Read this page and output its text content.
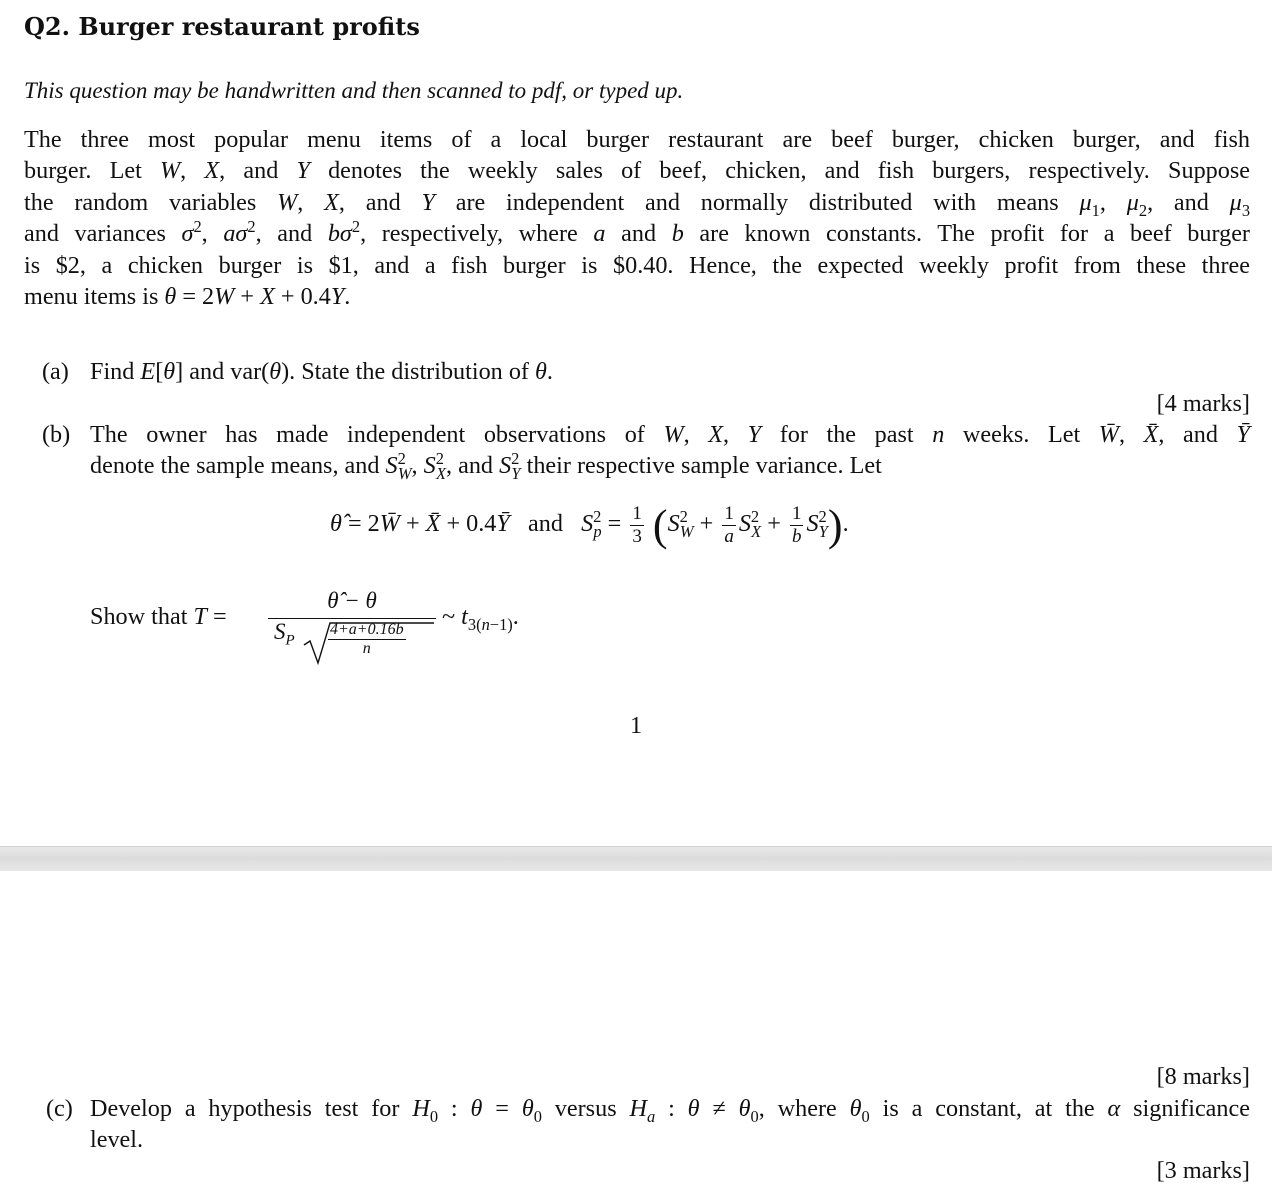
Q2. Burger restaurant profits
This question may be handwritten and then scanned to pdf, or typed up.
The three most popular menu items of a local burger restaurant are beef burger, chicken burger, and fish
burger. Let W, X, and Y denotes the weekly sales of beef, chicken, and fish burgers, respectively. Suppose
the random variables W, X, and Y are independent and normally distributed with means $\mu_1$, $\mu_2$, and $\mu_3$
and variances $\sigma^2$, $a\sigma^2$, and $b\sigma^2$, respectively, where a and b are known constants. The profit for a beef burger
is $2, a chicken burger is $1, and a fish burger is $0.40. Hence, the expected weekly profit from these three
menu items is θ = 2W + X + 0.4Y.
(a) Find E[θ] and var(θ). State the distribution of θ.
[4 marks]
(b) The owner has made independent observations of W, X, Y for the past n weeks. Let W̄, X̄, and Ȳ
denote the sample means, and $S^2_W$, $S^2_X$, and $S^2_Y$ their respective sample variance. Let
θ̂ = 2W̄ + X̄ + 0.4Ȳ and $S^2_p = \frac{1}{3} (S^2_W + \frac{1}{a} S^2_X + \frac{1}{b} S^2_Y)$.
Show that T =
θ̂ − θ
$S_P \frac{4+a+0.16b}{n}$
~ $t_{3(n-1)}$.
1
[8 marks]
(c) Develop a hypothesis test for $H_0$ : $\theta = \theta_0$ versus $H_a$ : $\theta \ne \theta_0$, where $\theta_0$ is a constant, at the α significance
level.
[3 marks]
